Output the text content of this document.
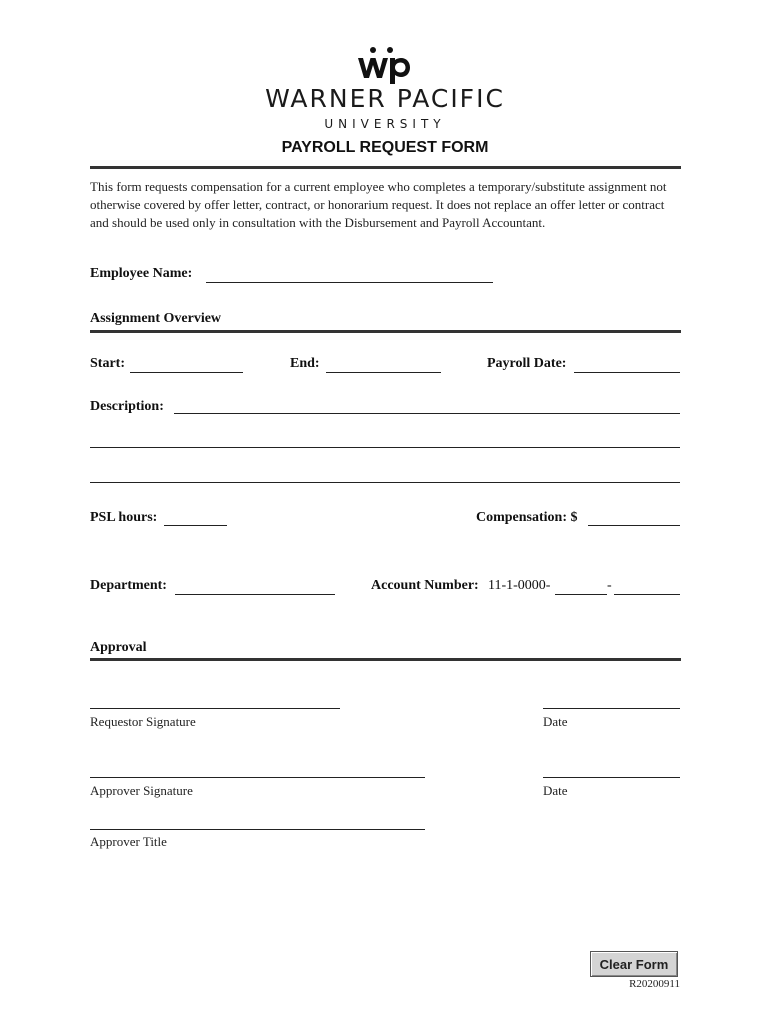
WARNER PACIFIC
UNIVERSITY
PAYROLL REQUEST FORM
This form requests compensation for a current employee who completes a temporary/substitute assignment not otherwise covered by offer letter, contract, or honorarium request. It does not replace an offer letter or contract and should be used only in consultation with the Disbursement and Payroll Accountant.
Employee Name:
Assignment Overview
Start:	End:	Payroll Date:
Description:
PSL hours:	Compensation: $
Department:	Account Number: 11-1-0000-	-
Approval
Requestor Signature	Date
Approver Signature	Date
Approver Title
Clear Form
R20200911
